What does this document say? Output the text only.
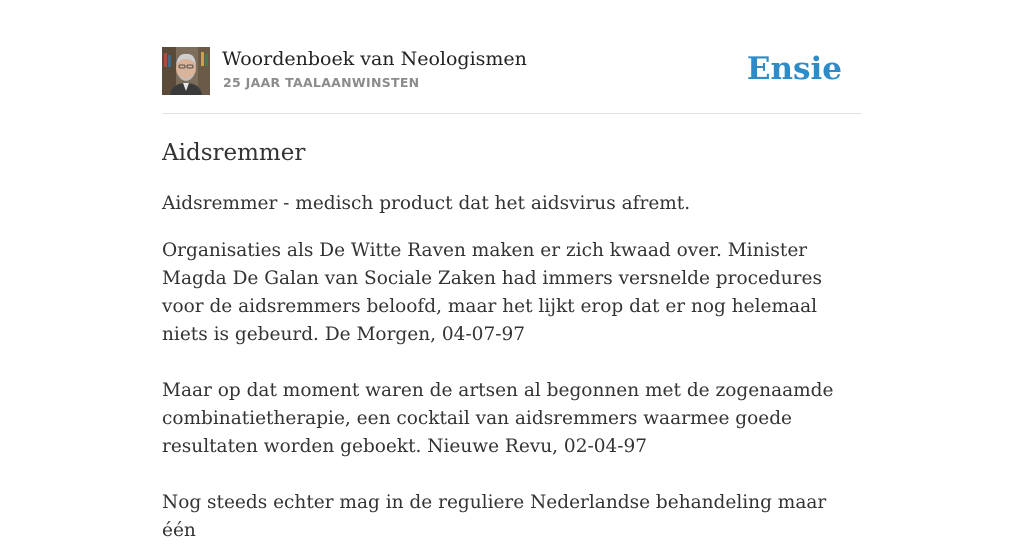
Woordenboek van Neologismen
25 JAAR TAALAANWINSTEN	Ensie
Aidsremmer

Aidsremmer - medisch product dat het aidsvirus afremt.

Organisaties als De Witte Raven maken er zich kwaad over. Minister Magda De Galan van Sociale Zaken had immers versnelde procedures voor de aidsremmers beloofd, maar het lijkt erop dat er nog helemaal niets is gebeurd. De Morgen, 04-07-97

Maar op dat moment waren de artsen al begonnen met de zogenaamde combinatietherapie, een cocktail van aidsremmers waarmee goede resultaten worden geboekt. Nieuwe Revu, 02-04-97

Nog steeds echter mag in de reguliere Nederlandse behandeling maar één
